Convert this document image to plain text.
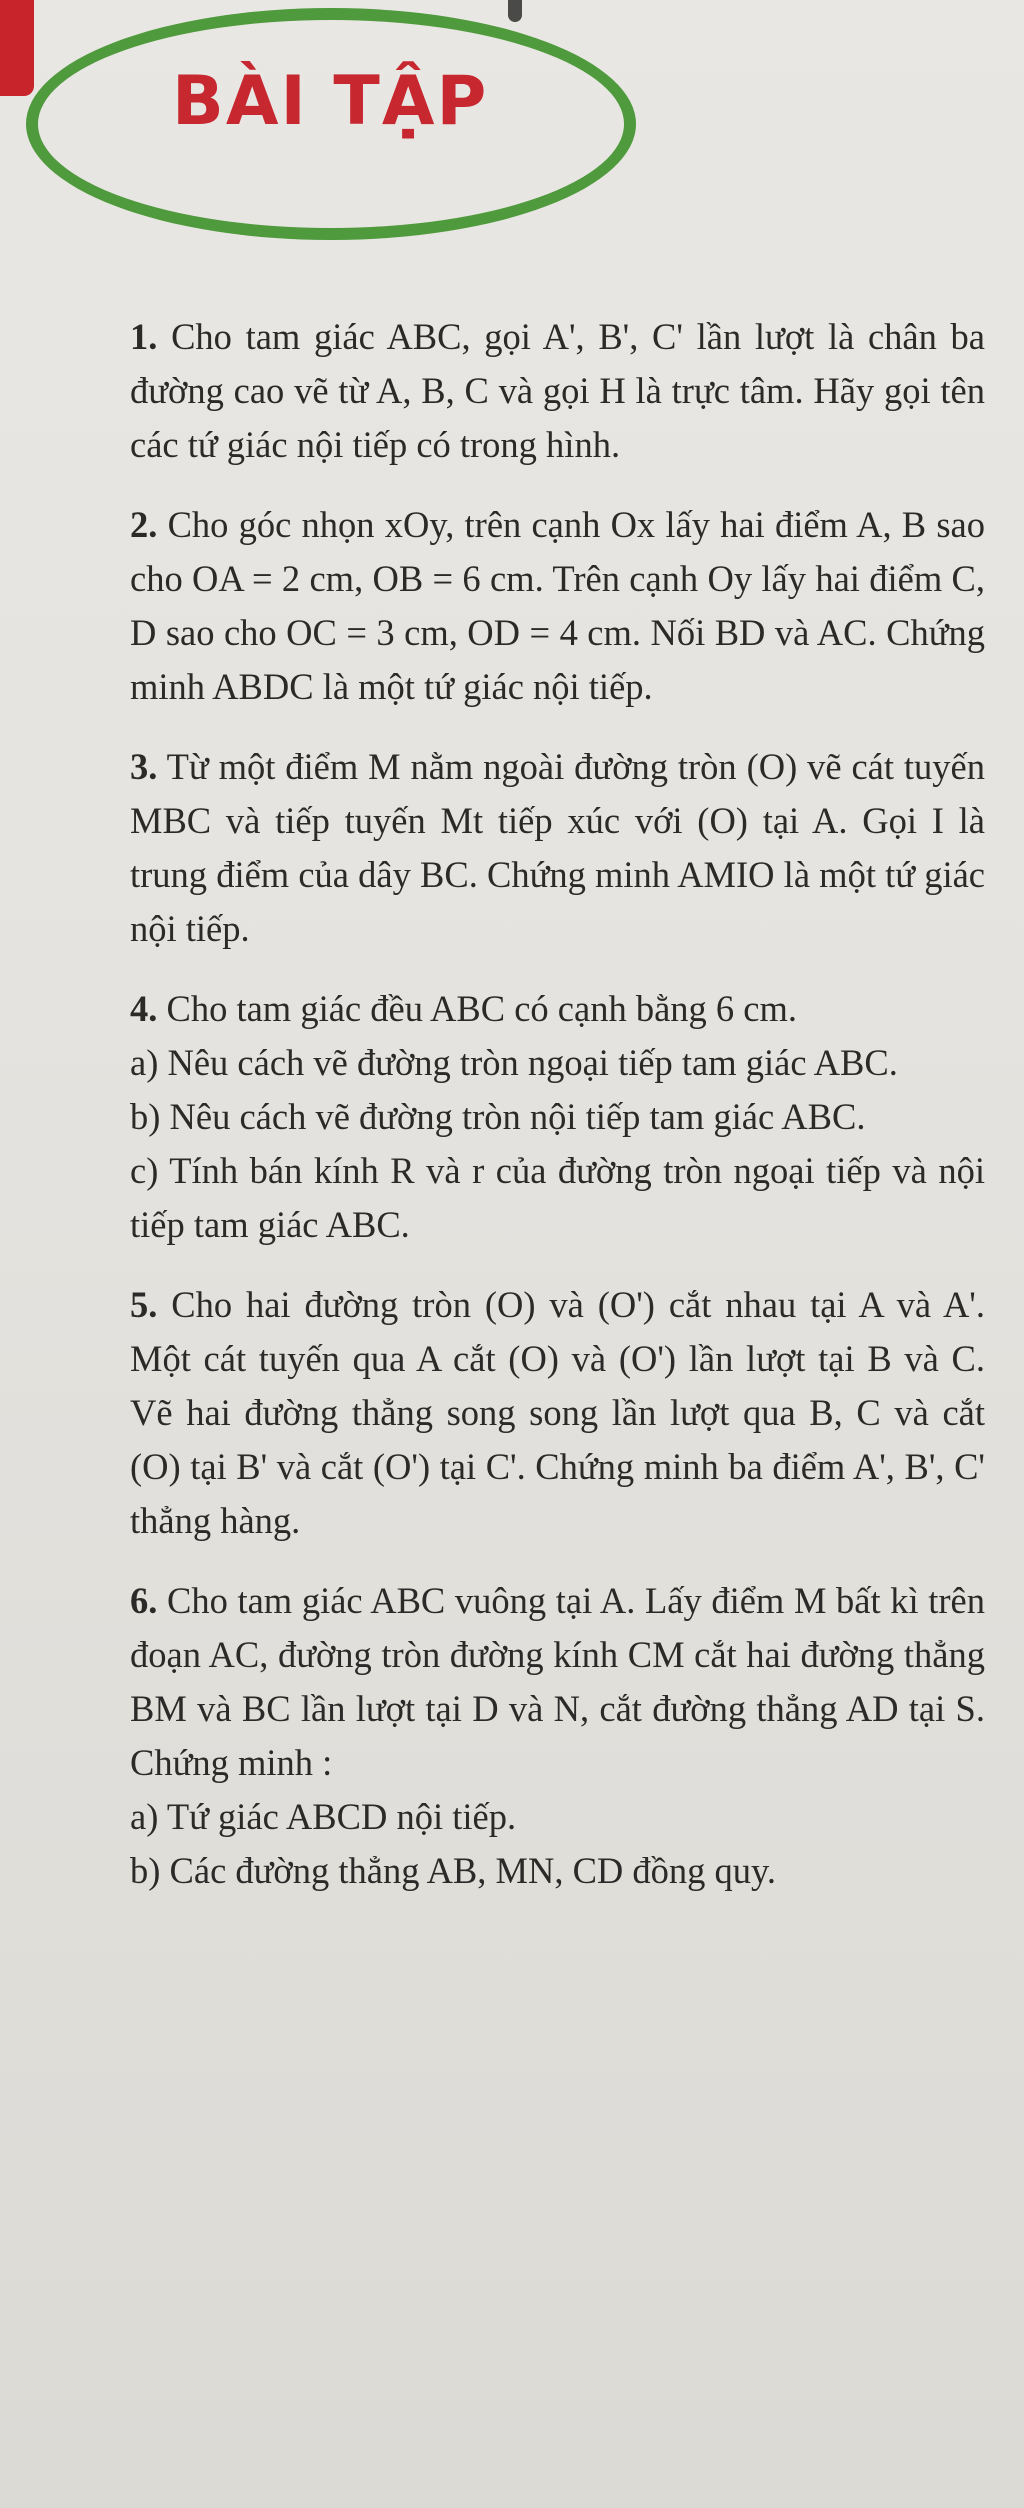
BÀI TẬP

1. Cho tam giác ABC, gọi A', B', C' lần lượt là chân ba đường cao vẽ từ A, B, C và gọi H là trực tâm. Hãy gọi tên các tứ giác nội tiếp có trong hình.

2. Cho góc nhọn xOy, trên cạnh Ox lấy hai điểm A, B sao cho OA = 2 cm, OB = 6 cm. Trên cạnh Oy lấy hai điểm C, D sao cho OC = 3 cm, OD = 4 cm. Nối BD và AC. Chứng minh ABDC là một tứ giác nội tiếp.

3. Từ một điểm M nằm ngoài đường tròn (O) vẽ cát tuyến MBC và tiếp tuyến Mt tiếp xúc với (O) tại A. Gọi I là trung điểm của dây BC. Chứng minh AMIO là một tứ giác nội tiếp.

4. Cho tam giác đều ABC có cạnh bằng 6 cm.

a) Nêu cách vẽ đường tròn ngoại tiếp tam giác ABC.

b) Nêu cách vẽ đường tròn nội tiếp tam giác ABC.

c) Tính bán kính R và r của đường tròn ngoại tiếp và nội tiếp tam giác ABC.

5. Cho hai đường tròn (O) và (O') cắt nhau tại A và A'. Một cát tuyến qua A cắt (O) và (O') lần lượt tại B và C. Vẽ hai đường thẳng song song lần lượt qua B, C và cắt (O) tại B' và cắt (O') tại C'. Chứng minh ba điểm A', B', C' thẳng hàng.

6. Cho tam giác ABC vuông tại A. Lấy điểm M bất kì trên đoạn AC, đường tròn đường kính CM cắt hai đường thẳng BM và BC lần lượt tại D và N, cắt đường thẳng AD tại S. Chứng minh :

a) Tứ giác ABCD nội tiếp.

b) Các đường thẳng AB, MN, CD đồng quy.
